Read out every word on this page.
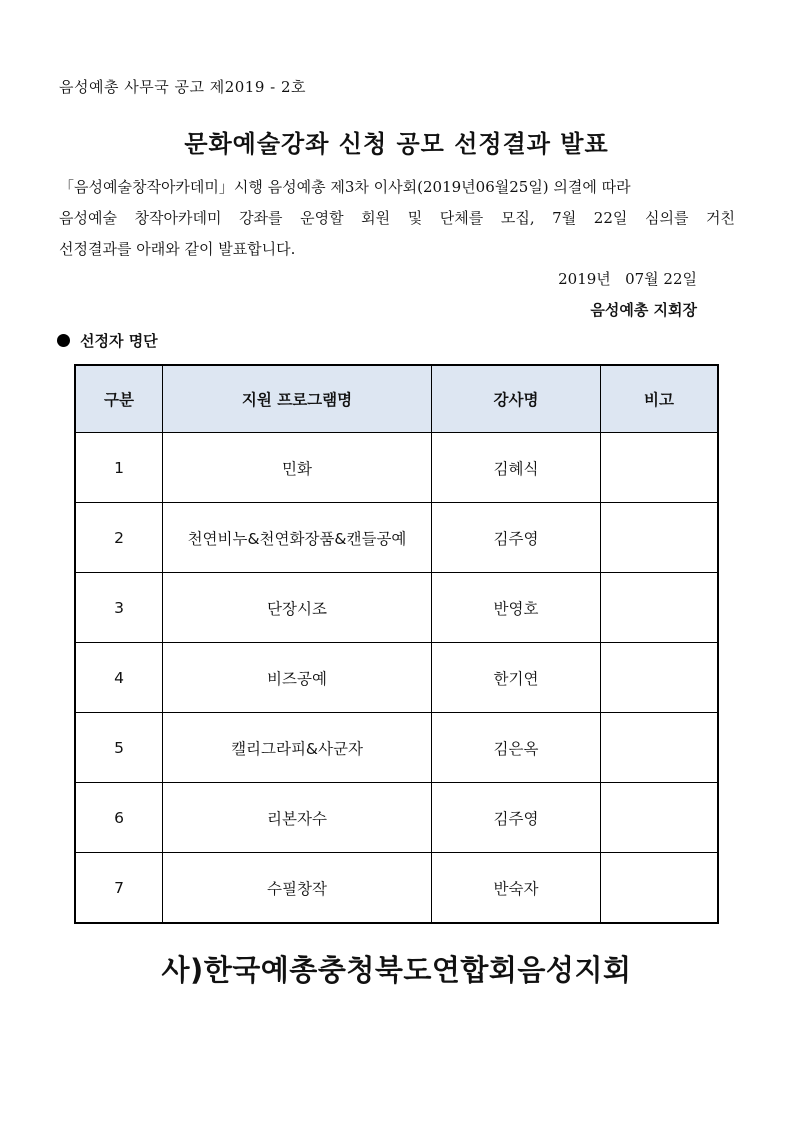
음성예총 사무국 공고 제2019 - 2호
문화예술강좌 신청 공모 선정결과 발표
「음성예술창작아카데미」시행 음성예총 제3차 이사회(2019년06월25일) 의결에 따라
음성예술 창작아카데미 강좌를 운영할 회원 및 단체를 모집, 7월 22일 심의를 거친
선정결과를 아래와 같이 발표합니다.
2019년   07월 22일
음성예총 지회장
선정자 명단
구분	지원 프로그램명	강사명	비고
1	민화	김혜식	
2	천연비누&천연화장품&캔들공예	김주영	
3	단장시조	반영호	
4	비즈공예	한기연	
5	캘리그라피&사군자	김은옥	
6	리본자수	김주영	
7	수필창작	반숙자	
사)한국예총충청북도연합회음성지회
